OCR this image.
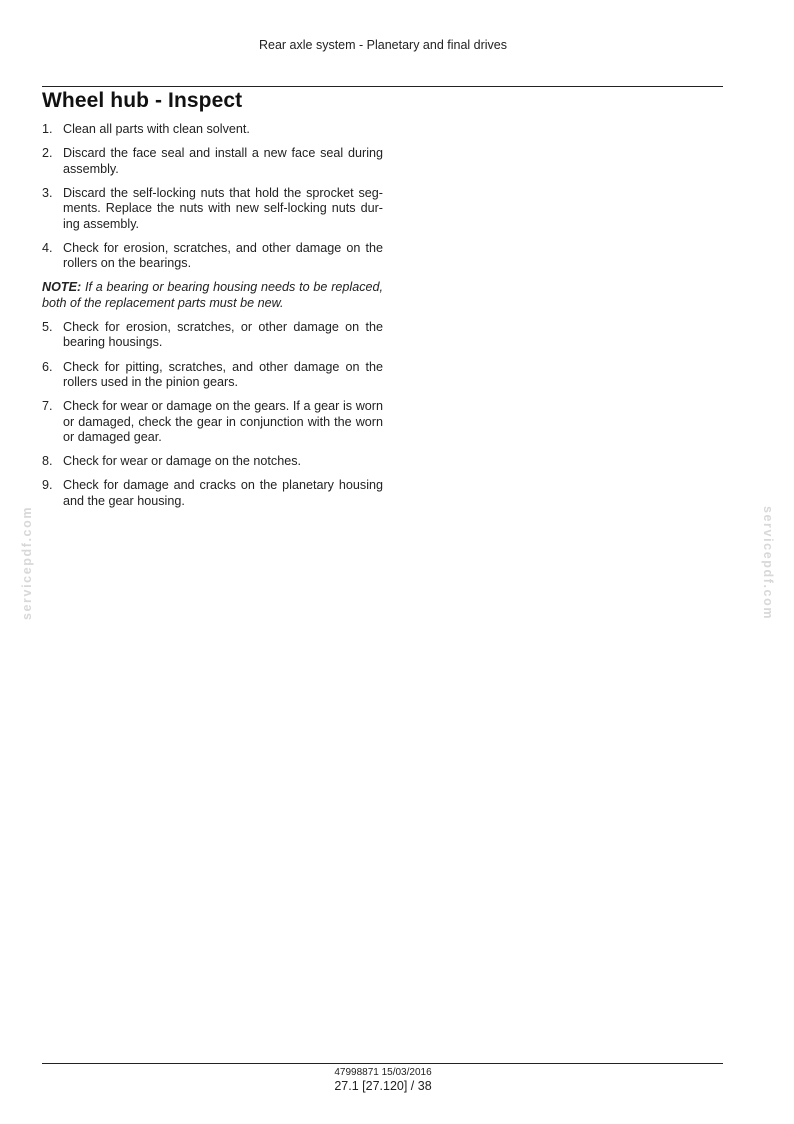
Rear axle system - Planetary and final drives
Wheel hub - Inspect
1. Clean all parts with clean solvent.
2. Discard the face seal and install a new face seal during assembly.
3. Discard the self-locking nuts that hold the sprocket segments. Replace the nuts with new self-locking nuts during assembly.
4. Check for erosion, scratches, and other damage on the rollers on the bearings.
NOTE: If a bearing or bearing housing needs to be replaced, both of the replacement parts must be new.
5. Check for erosion, scratches, or other damage on the bearing housings.
6. Check for pitting, scratches, and other damage on the rollers used in the pinion gears.
7. Check for wear or damage on the gears. If a gear is worn or damaged, check the gear in conjunction with the worn or damaged gear.
8. Check for wear or damage on the notches.
9. Check for damage and cracks on the planetary housing and the gear housing.
servicepdf.com	servicepdf.com
47998871 15/03/2016
27.1 [27.120] / 38
